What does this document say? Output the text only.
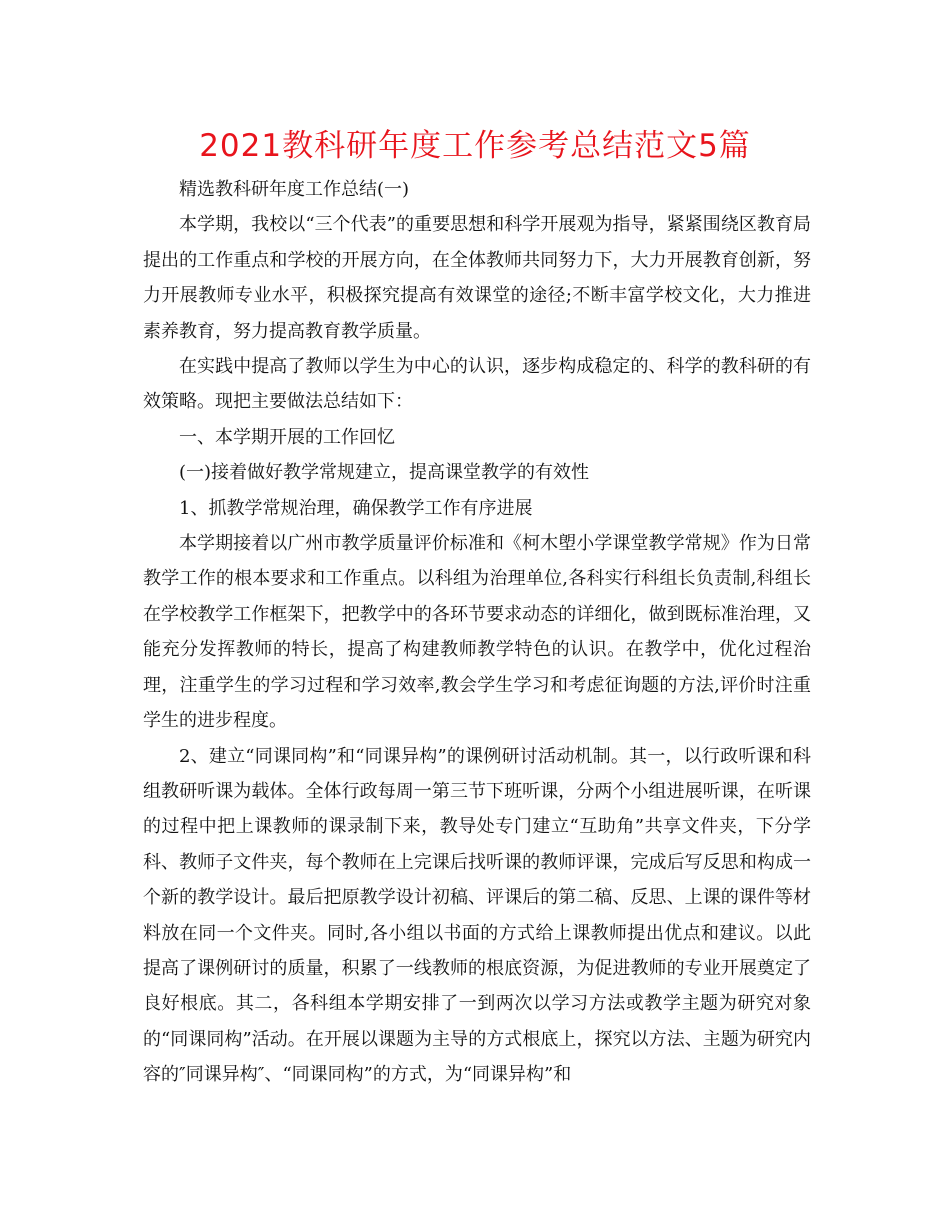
2021教科研年度工作参考总结范文5篇

精选教科研年度工作总结(一)

本学期，我校以“三个代表”的重要思想和科学开展观为指导，紧紧围绕区教育局提出的工作重点和学校的开展方向，在全体教师共同努力下，大力开展教育创新，努力开展教师专业水平，积极探究提高有效课堂的途径;不断丰富学校文化，大力推进素养教育，努力提高教育教学质量。

在实践中提高了教师以学生为中心的认识，逐步构成稳定的、科学的教科研的有效策略。现把主要做法总结如下：

一、本学期开展的工作回忆

(一)接着做好教学常规建立，提高课堂教学的有效性

1、抓教学常规治理，确保教学工作有序进展

本学期接着以广州市教学质量评价标准和《柯木塱小学课堂教学常规》作为日常教学工作的根本要求和工作重点。以科组为治理单位,各科实行科组长负责制,科组长在学校教学工作框架下，把教学中的各环节要求动态的详细化，做到既标准治理，又能充分发挥教师的特长，提高了构建教师教学特色的认识。在教学中，优化过程治理，注重学生的学习过程和学习效率,教会学生学习和考虑征询题的方法,评价时注重学生的进步程度。

2、建立“同课同构”和“同课异构”的课例研讨活动机制。其一，以行政听课和科组教研听课为载体。全体行政每周一第三节下班听课，分两个小组进展听课，在听课的过程中把上课教师的课录制下来，教导处专门建立“互助角”共享文件夹，下分学科、教师子文件夹，每个教师在上完课后找听课的教师评课，完成后写反思和构成一个新的教学设计。最后把原教学设计初稿、评课后的第二稿、反思、上课的课件等材料放在同一个文件夹。同时,各小组以书面的方式给上课教师提出优点和建议。以此提高了课例研讨的质量，积累了一线教师的根底资源，为促进教师的专业开展奠定了良好根底。其二，各科组本学期安排了一到两次以学习方法或教学主题为研究对象的“同课同构”活动。在开展以课题为主导的方式根底上，探究以方法、主题为研究内容的″同课异构″、“同课同构”的方式，为“同课异构”和
